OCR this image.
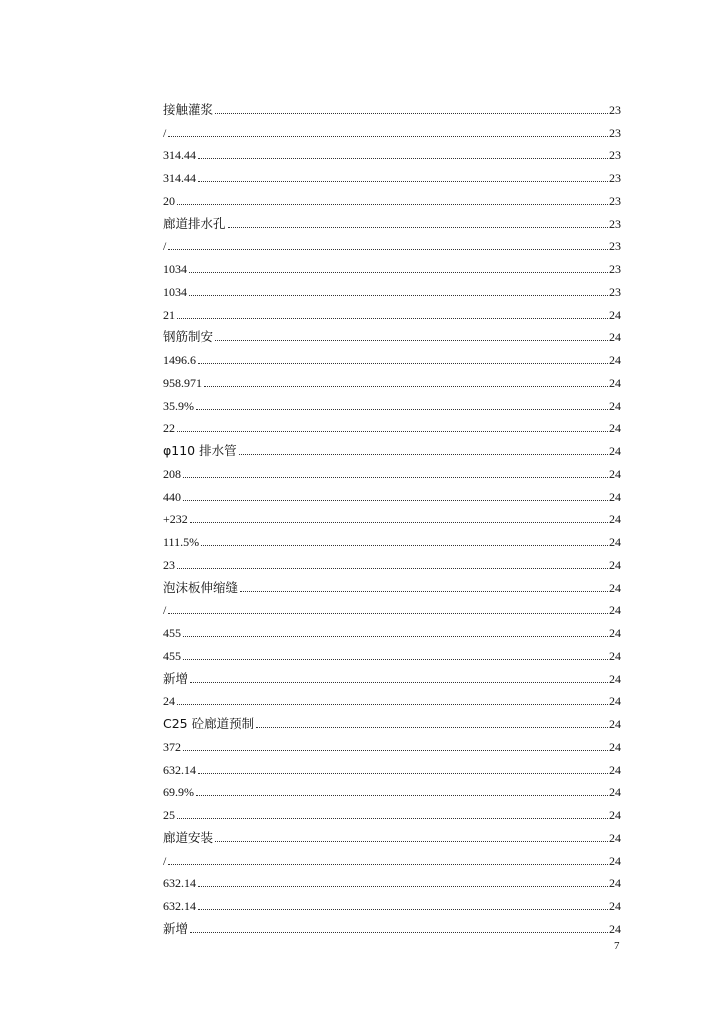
接触灌浆	23
/	23
314.44	23
314.44	23
20	23
廊道排水孔	23
/	23
1034	23
1034	23
21	24
钢筋制安	24
1496.6	24
958.971	24
35.9%	24
22	24
φ110 排水管	24
208	24
440	24
+232	24
111.5%	24
23	24
泡沫板伸缩缝	24
/	24
455	24
455	24
新增	24
24	24
C25 砼廊道预制	24
372	24
632.14	24
69.9%	24
25	24
廊道安装	24
/	24
632.14	24
632.14	24
新增	24
7
